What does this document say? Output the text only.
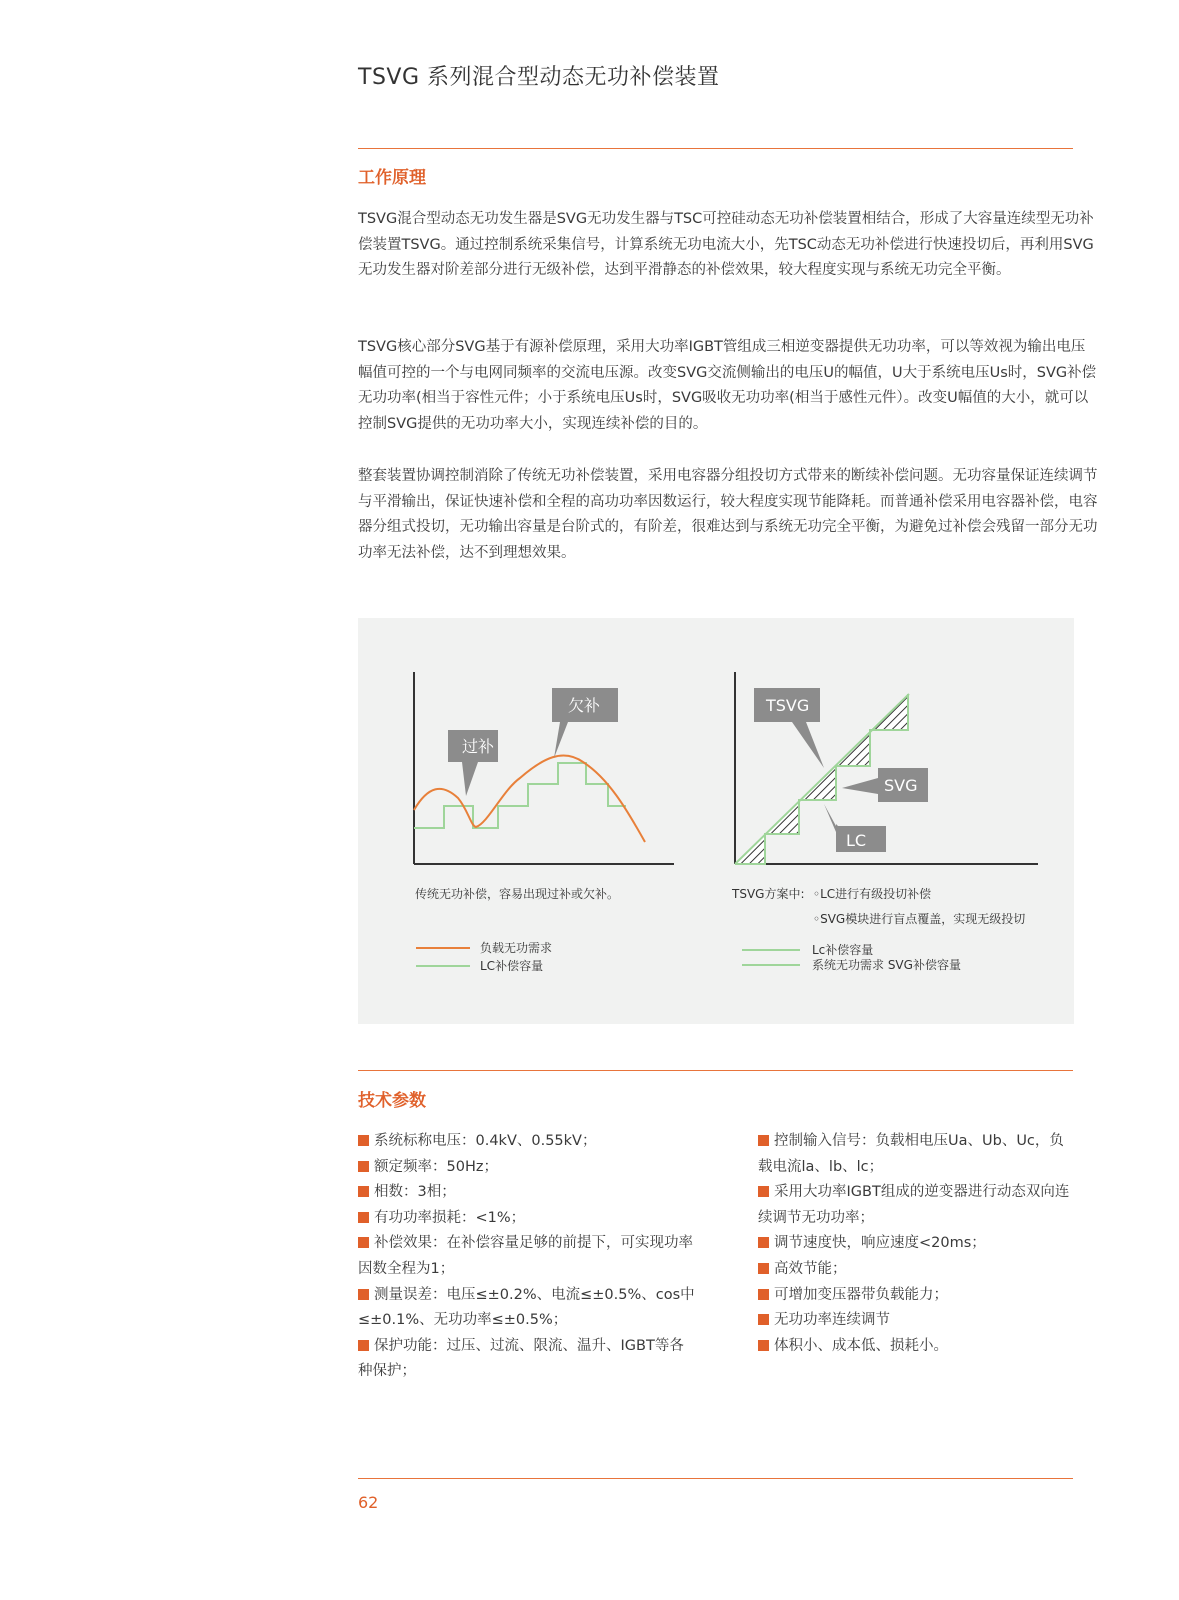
TSVG 系列混合型动态无功补偿装置
工作原理

TSVG混合型动态无功发生器是SVG无功发生器与TSC可控硅动态无功补偿装置相结合，形成了大容量连续型无功补偿装置TSVG。通过控制系统采集信号，计算系统无功电流大小，先TSC动态无功补偿进行快速投切后，再利用SVG无功发生器对阶差部分进行无级补偿，达到平滑静态的补偿效果，较大程度实现与系统无功完全平衡。

TSVG核心部分SVG基于有源补偿原理，采用大功率IGBT管组成三相逆变器提供无功功率，可以等效视为输出电压幅值可控的一个与电网同频率的交流电压源。改变SVG交流侧输出的电压U的幅值，U大于系统电压Us时，SVG补偿无功功率(相当于容性元件；小于系统电压Us时，SVG吸收无功功率(相当于感性元件）。改变U幅值的大小，就可以控制SVG提供的无功功率大小，实现连续补偿的目的。

整套装置协调控制消除了传统无功补偿装置，采用电容器分组投切方式带来的断续补偿问题。无功容量保证连续调节与平滑输出，保证快速补偿和全程的高功功率因数运行，较大程度实现节能降耗。而普通补偿采用电容器补偿，电容器分组式投切，无功输出容量是台阶式的，有阶差，很难达到与系统无功完全平衡，为避免过补偿会残留一部分无功功率无法补偿，达不到理想效果。

过补
欠补
传统无功补偿，容易出现过补或欠补。
负载无功需求
LC补偿容量
TSVG
SVG
LC
TSVG方案中: ◦LC进行有级投切补偿
◦SVG模块进行盲点覆盖，实现无级投切
Lc补偿容量
系统无功需求 SVG补偿容量
技术参数

系统标称电压：0.4kV、0.55kV；

额定频率：50Hz；

相数：3相；

有功功率损耗：<1%；

补偿效果：在补偿容量足够的前提下，可实现功率因数全程为1；

测量误差：电压≤±0.2%、电流≤±0.5%、cos中≤±0.1%、无功功率≤±0.5%；

保护功能：过压、过流、限流、温升、IGBT等各种保护；

控制输入信号：负载相电压Ua、Ub、Uc，负载电流la、lb、lc；

采用大功率IGBT组成的逆变器进行动态双向连续调节无功功率；

调节速度快，响应速度<20ms；

高效节能；

可增加变压器带负载能力；

无功功率连续调节

体积小、成本低、损耗小。

62
